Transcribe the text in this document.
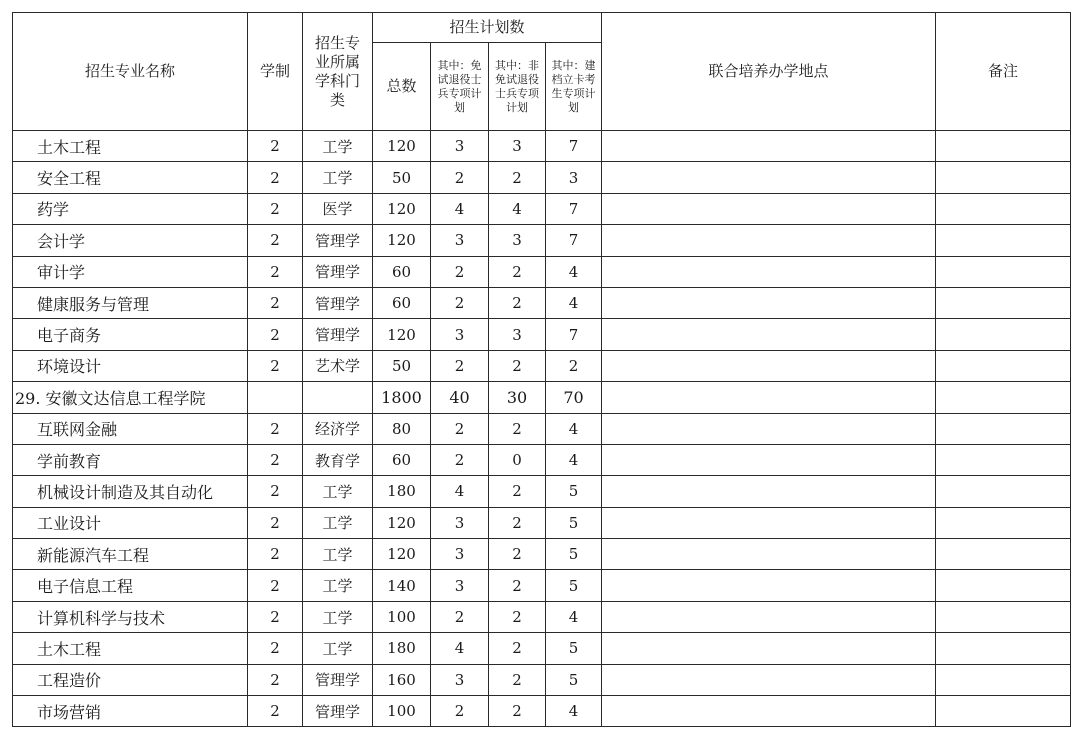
招生专业名称	学制	招生专业所属学科门类	招生计划数				联合培养办学地点	备注
			总数	其中：免试退役士兵专项计划	其中：非免试退役士兵专项计划	其中：建档立卡考生专项计划		
土木工程	2	工学	120	3	3	7		
安全工程	2	工学	50	2	2	3		
药学	2	医学	120	4	4	7		
会计学	2	管理学	120	3	3	7		
审计学	2	管理学	60	2	2	4		
健康服务与管理	2	管理学	60	2	2	4		
电子商务	2	管理学	120	3	3	7		
环境设计	2	艺术学	50	2	2	2		
29. 安徽文达信息工程学院			1800	40	30	70		
互联网金融	2	经济学	80	2	2	4		
学前教育	2	教育学	60	2	0	4		
机械设计制造及其自动化	2	工学	180	4	2	5		
工业设计	2	工学	120	3	2	5		
新能源汽车工程	2	工学	120	3	2	5		
电子信息工程	2	工学	140	3	2	5		
计算机科学与技术	2	工学	100	2	2	4		
土木工程	2	工学	180	4	2	5		
工程造价	2	管理学	160	3	2	5		
市场营销	2	管理学	100	2	2	4		
